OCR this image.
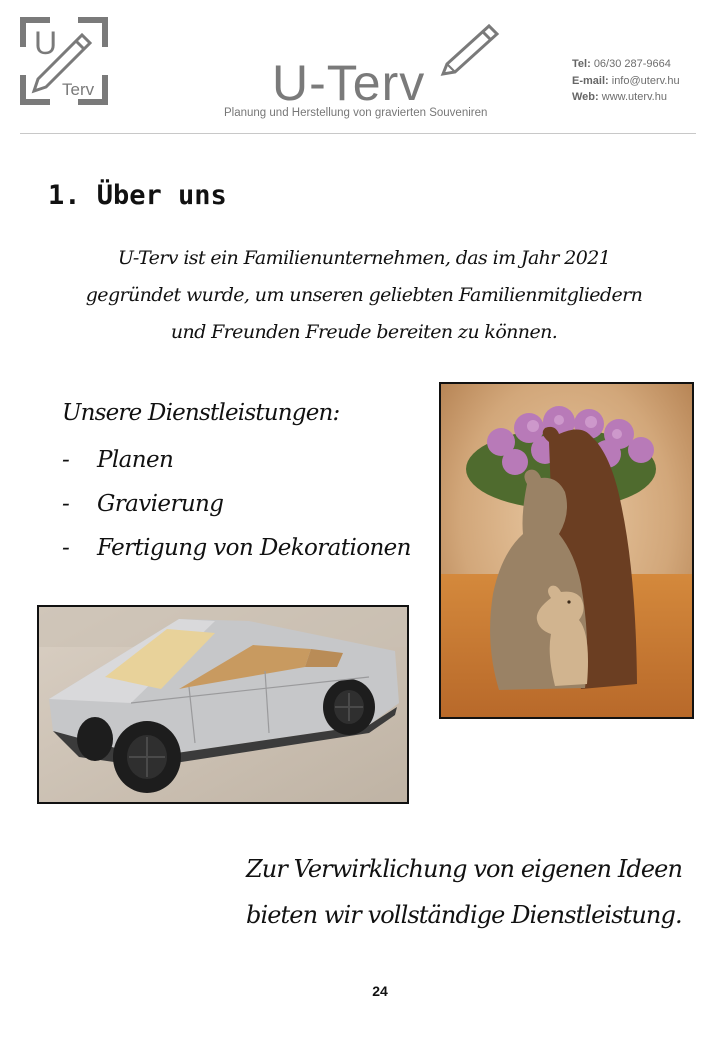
U
Terv	U-Terv
Planung und Herstellung von gravierten Souveniren
Tel: 06/30 287-9664
E-mail: info@uterv.hu
Web: www.uterv.hu
1. Über uns
U-Terv ist ein Familienunternehmen, das im Jahr 2021
gegründet wurde, um unseren geliebten Familienmitgliedern
und Freunden Freude bereiten zu können.
Unsere Dienstleistungen:
- Planen
- Gravierung
- Fertigung von Dekorationen
Zur Verwirklichung von eigenen Ideen
bieten wir vollständige Dienstleistung.
24
